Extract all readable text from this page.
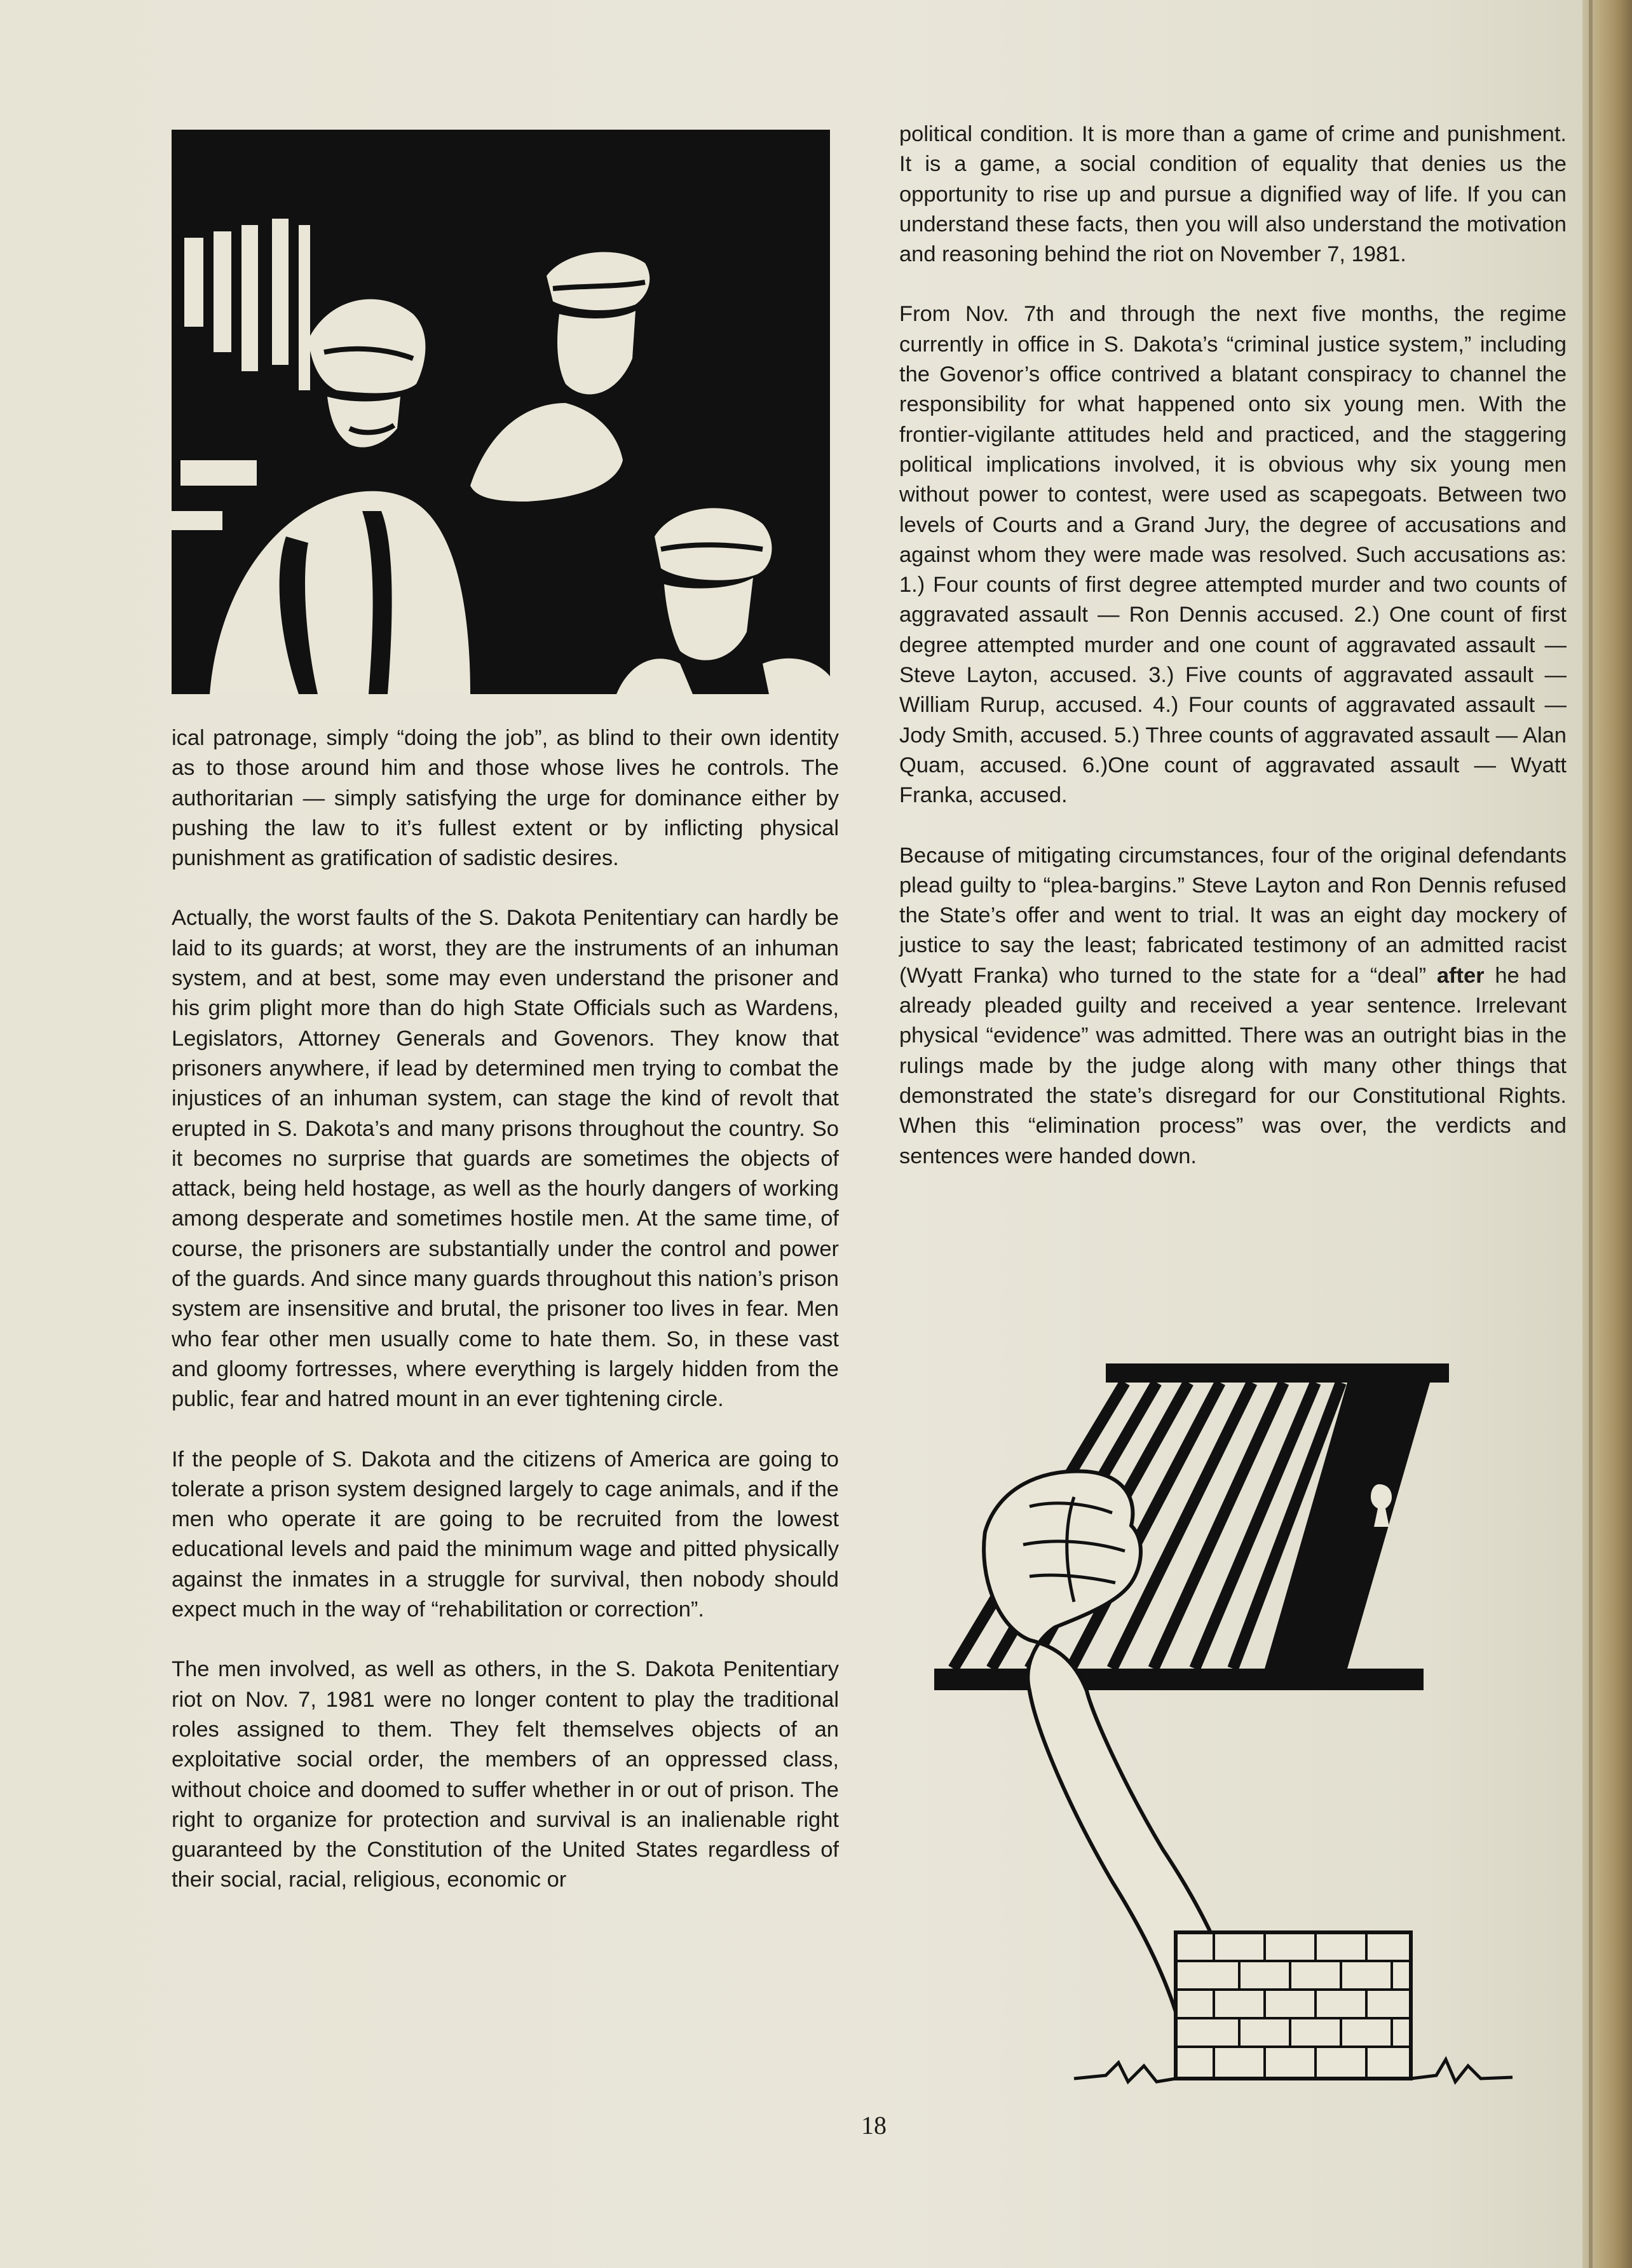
ical patronage, simply “doing the job”, as blind to their own identity as to those around him and those whose lives he controls. The authoritarian — simply satisfying the urge for dominance either by pushing the law to it’s fullest extent or by inflicting physical punishment as gratification of sadistic desires.

Actually, the worst faults of the S. Dakota Penitentiary can hardly be laid to its guards; at worst, they are the instruments of an inhuman system, and at best, some may even understand the prisoner and his grim plight more than do high State Officials such as Wardens, Legislators, Attorney Generals and Govenors. They know that prisoners anywhere, if lead by determined men trying to combat the injustices of an inhuman system, can stage the kind of revolt that erupted in S. Dakota’s and many prisons throughout the country. So it becomes no surprise that guards are sometimes the objects of attack, being held hostage, as well as the hourly dangers of working among desperate and sometimes hostile men. At the same time, of course, the prisoners are substantially under the control and power of the guards. And since many guards throughout this nation’s prison system are insensitive and brutal, the prisoner too lives in fear. Men who fear other men usually come to hate them. So, in these vast and gloomy fortresses, where everything is largely hidden from the public, fear and hatred mount in an ever tightening circle.

If the people of S. Dakota and the citizens of America are going to tolerate a prison system designed largely to cage animals, and if the men who operate it are going to be recruited from the lowest educational levels and paid the minimum wage and pitted physically against the inmates in a struggle for survival, then nobody should expect much in the way of “rehabilitation or correction”.

The men involved, as well as others, in the S. Dakota Penitentiary riot on Nov. 7, 1981 were no longer content to play the traditional roles assigned to them. They felt themselves objects of an exploitative social order, the members of an oppressed class, without choice and doomed to suffer whether in or out of prison. The right to organize for protection and survival is an inalienable right guaranteed by the Constitution of the United States regardless of their social, racial, religious, economic or

political condition. It is more than a game of crime and punishment. It is a game, a social condition of equality that denies us the opportunity to rise up and pursue a dignified way of life. If you can understand these facts, then you will also understand the motivation and reasoning behind the riot on November 7, 1981.

From Nov. 7th and through the next five months, the regime currently in office in S. Dakota’s “criminal justice system,” including the Govenor’s office contrived a blatant conspiracy to channel the responsibility for what happened onto six young men. With the frontier-vigilante attitudes held and practiced, and the staggering political implications involved, it is obvious why six young men without power to contest, were used as scapegoats. Between two levels of Courts and a Grand Jury, the degree of accusations and against whom they were made was resolved. Such accusations as: 1.) Four counts of first degree attempted murder and two counts of aggravated assault — Ron Dennis accused. 2.) One count of first degree attempted murder and one count of aggravated assault — Steve Layton, accused. 3.) Five counts of aggravated assault — William Rurup, accused. 4.) Four counts of aggravated assault — Jody Smith, accused. 5.) Three counts of aggravated assault — Alan Quam, accused. 6.)One count of aggravated assault — Wyatt Franka, accused.

Because of mitigating circumstances, four of the original defendants plead guilty to “plea-bargins.” Steve Layton and Ron Dennis refused the State’s offer and went to trial. It was an eight day mockery of justice to say the least; fabricated testimony of an admitted racist (Wyatt Franka) who turned to the state for a “deal” after he had already pleaded guilty and received a year sentence. Irrelevant physical “evidence” was admitted. There was an outright bias in the rulings made by the judge along with many other things that demonstrated the state’s disregard for our Constitutional Rights. When this “elimination process” was over, the verdicts and sentences were handed down.

18
